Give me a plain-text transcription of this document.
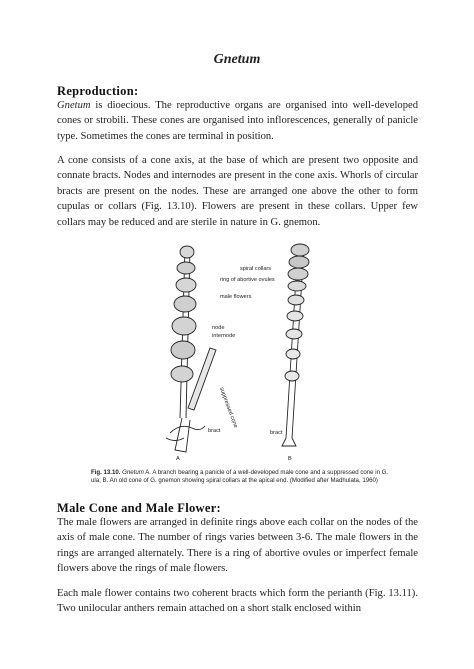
Gnetum
Reproduction:

Gnetum is dioecious. The reproductive organs are organised into well-developed cones or strobili. These cones are organised into inflorescences, generally of panicle type. Sometimes the cones are terminal in position.

A cone consists of a cone axis, at the base of which are present two opposite and connate bracts. Nodes and internodes are present in the cone axis. Whorls of circular bracts are present on the nodes. These are arranged one above the other to form cupulas or collars (Fig. 13.10). Flowers are present in these collars. Upper few collars may be reduced and are sterile in nature in G. gnemon.

ring of abortive ovules
male flowers
node
internode
suppressed cone
bract
A
spiral collars
bract
B
Fig. 13.10. Gnetum A. A branch bearing a panicle of a well-developed male cone and a suppressed cone in G. ula; B. An old cone of G. gnemon showing spiral collars at the apical end. (Modified after Madhulata, 1960)
Male Cone and Male Flower:

The male flowers are arranged in definite rings above each collar on the nodes of the axis of male cone. The number of rings varies between 3-6. The male flowers in the rings are arranged alternately. There is a ring of abortive ovules or imperfect female flowers above the rings of male flowers.

Each male flower contains two coherent bracts which form the perianth (Fig. 13.11). Two unilocular anthers remain attached on a short stalk enclosed within
